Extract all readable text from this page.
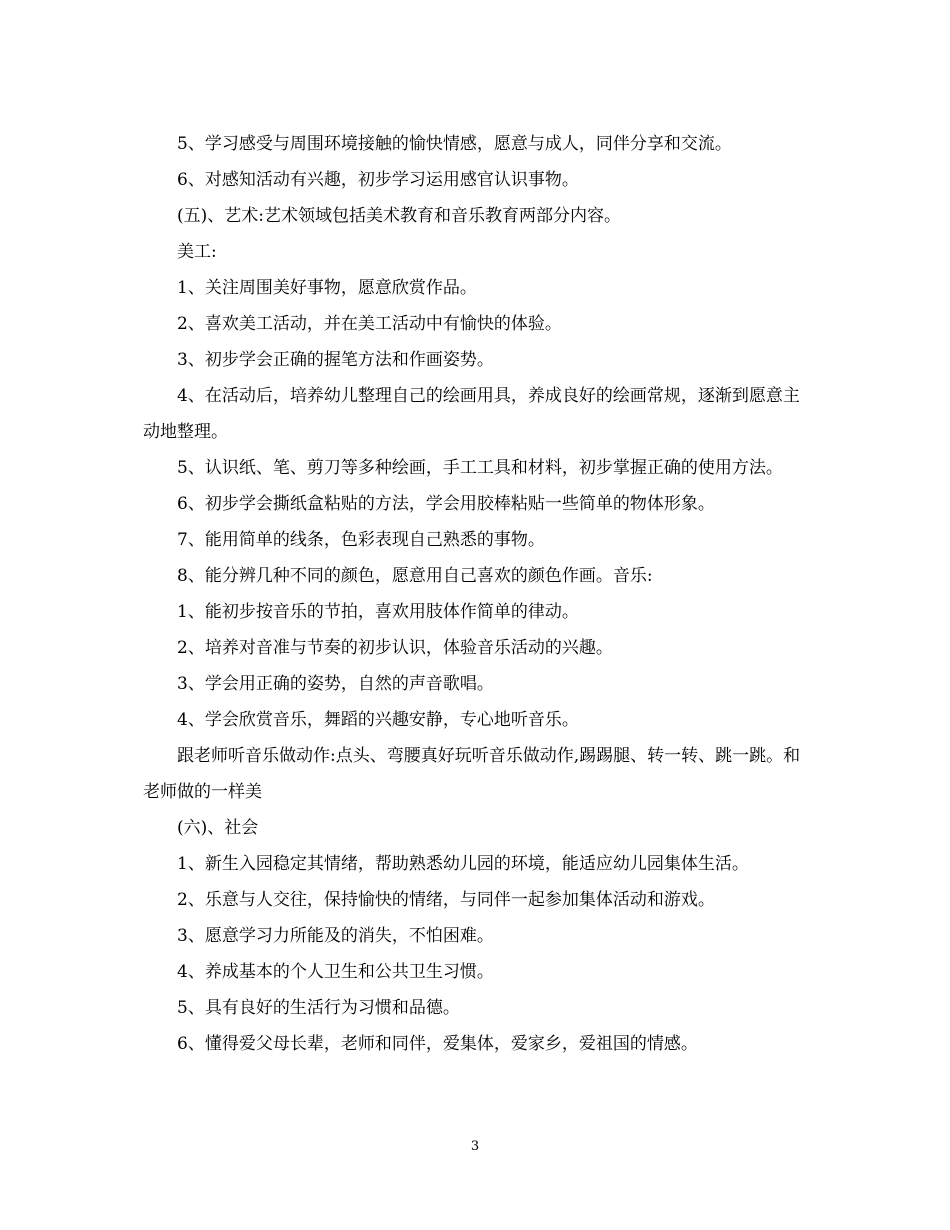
5、学习感受与周围环境接触的愉快情感，愿意与成人，同伴分享和交流。

6、对感知活动有兴趣，初步学习运用感官认识事物。

(五)、艺术:艺术领域包括美术教育和音乐教育两部分内容。

美工:

1、关注周围美好事物，愿意欣赏作品。

2、喜欢美工活动，并在美工活动中有愉快的体验。

3、初步学会正确的握笔方法和作画姿势。

4、在活动后，培养幼儿整理自己的绘画用具，养成良好的绘画常规，逐渐到愿意主动地整理。

5、认识纸、笔、剪刀等多种绘画，手工工具和材料，初步掌握正确的使用方法。

6、初步学会撕纸盒粘贴的方法，学会用胶棒粘贴一些简单的物体形象。

7、能用简单的线条，色彩表现自己熟悉的事物。

8、能分辨几种不同的颜色，愿意用自己喜欢的颜色作画。音乐:

1、能初步按音乐的节拍，喜欢用肢体作简单的律动。

2、培养对音准与节奏的初步认识，体验音乐活动的兴趣。

3、学会用正确的姿势，自然的声音歌唱。

4、学会欣赏音乐，舞蹈的兴趣安静，专心地听音乐。

跟老师听音乐做动作:点头、弯腰真好玩听音乐做动作,踢踢腿、转一转、跳一跳。和老师做的一样美

(六)、社会

1、新生入园稳定其情绪，帮助熟悉幼儿园的环境，能适应幼儿园集体生活。

2、乐意与人交往，保持愉快的情绪，与同伴一起参加集体活动和游戏。

3、愿意学习力所能及的消失，不怕困难。

4、养成基本的个人卫生和公共卫生习惯。

5、具有良好的生活行为习惯和品德。

6、懂得爱父母长辈，老师和同伴，爱集体，爱家乡，爱祖国的情感。

3
